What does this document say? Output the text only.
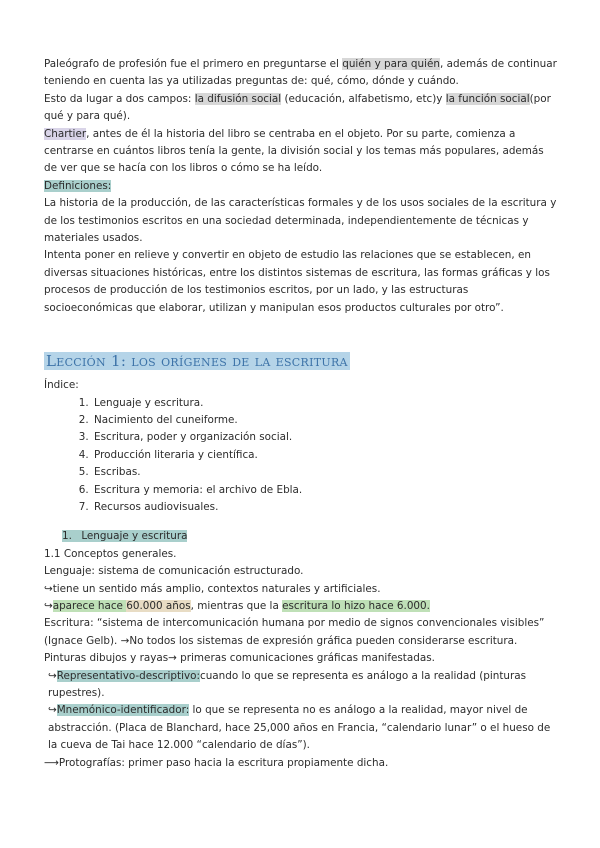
Paleógrafo de profesión fue el primero en preguntarse el quién y para quién, además de continuar teniendo en cuenta las ya utilizadas preguntas de: qué, cómo, dónde y cuándo.

Esto da lugar a dos campos: la difusión social (educación, alfabetismo, etc)y la función social(por qué y para qué).

Chartier, antes de él la historia del libro se centraba en el objeto. Por su parte, comienza a centrarse en cuántos libros tenía la gente, la división social y los temas más populares, además de ver que se hacía con los libros o cómo se ha leído.

Definiciones:

La historia de la producción, de las características formales y de los usos sociales de la escritura y de los testimonios escritos en una sociedad determinada, independientemente de técnicas y materiales usados.

Intenta poner en relieve y convertir en objeto de estudio las relaciones que se establecen, en diversas situaciones históricas, entre los distintos sistemas de escritura, las formas gráficas y los procesos de producción de los testimonios escritos, por un lado, y las estructuras socioeconómicas que elaborar, utilizan y manipulan esos productos culturales por otro”.

Lección 1: los orígenes de la escritura

Índice:

1. Lenguaje y escritura.
2. Nacimiento del cuneiforme.
3. Escritura, poder y organización social.
4. Producción literaria y científica.
5. Escribas.
6. Escritura y memoria: el archivo de Ebla.
7. Recursos audiovisuales.

1. Lenguaje y escritura

1.1 Conceptos generales.

Lenguaje: sistema de comunicación estructurado.

↪tiene un sentido más amplio, contextos naturales y artificiales.

↪aparece hace 60.000 años, mientras que la escritura lo hizo hace 6.000.

Escritura: “sistema de intercomunicación humana por medio de signos convencionales visibles” (Ignace Gelb). →No todos los sistemas de expresión gráfica pueden considerarse escritura.

Pinturas dibujos y rayas→ primeras comunicaciones gráficas manifestadas.

↪Representativo-descriptivo:cuando lo que se representa es análogo a la realidad (pinturas rupestres).

↪Mnemónico-identificador: lo que se representa no es análogo a la realidad, mayor nivel de abstracción. (Placa de Blanchard, hace 25,000 años en Francia, “calendario lunar” o el hueso de la cueva de Tai hace 12.000 “calendario de días”).

⟶Protografías: primer paso hacia la escritura propiamente dicha.
